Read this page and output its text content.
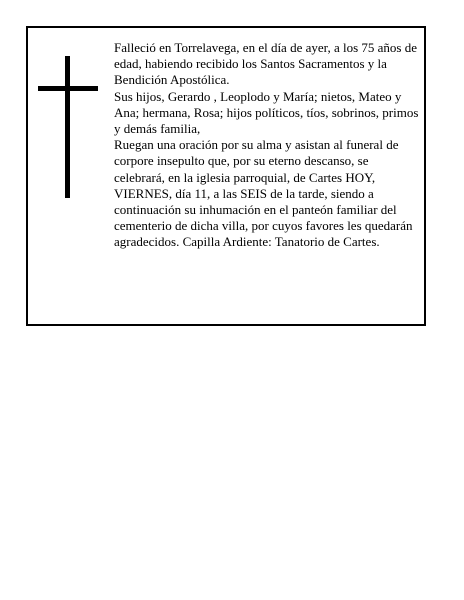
Falleció en Torrelavega, en el día de ayer, a los 75 años de edad, habiendo recibido los Santos Sacramentos y la Bendición Apostólica.

Sus hijos, Gerardo , Leoplodo y María; nietos, Mateo y Ana; hermana, Rosa; hijos políticos, tíos, sobrinos, primos y demás familia,

Ruegan una oración por su alma y asistan al funeral de corpore insepulto que, por su eterno descanso, se celebrará, en la iglesia parroquial, de Cartes HOY, VIERNES, día 11, a las SEIS de la tarde, siendo a continuación su inhumación en el panteón familiar del cementerio de dicha villa, por cuyos favores les quedarán agradecidos. Capilla Ardiente: Tanatorio de Cartes.
